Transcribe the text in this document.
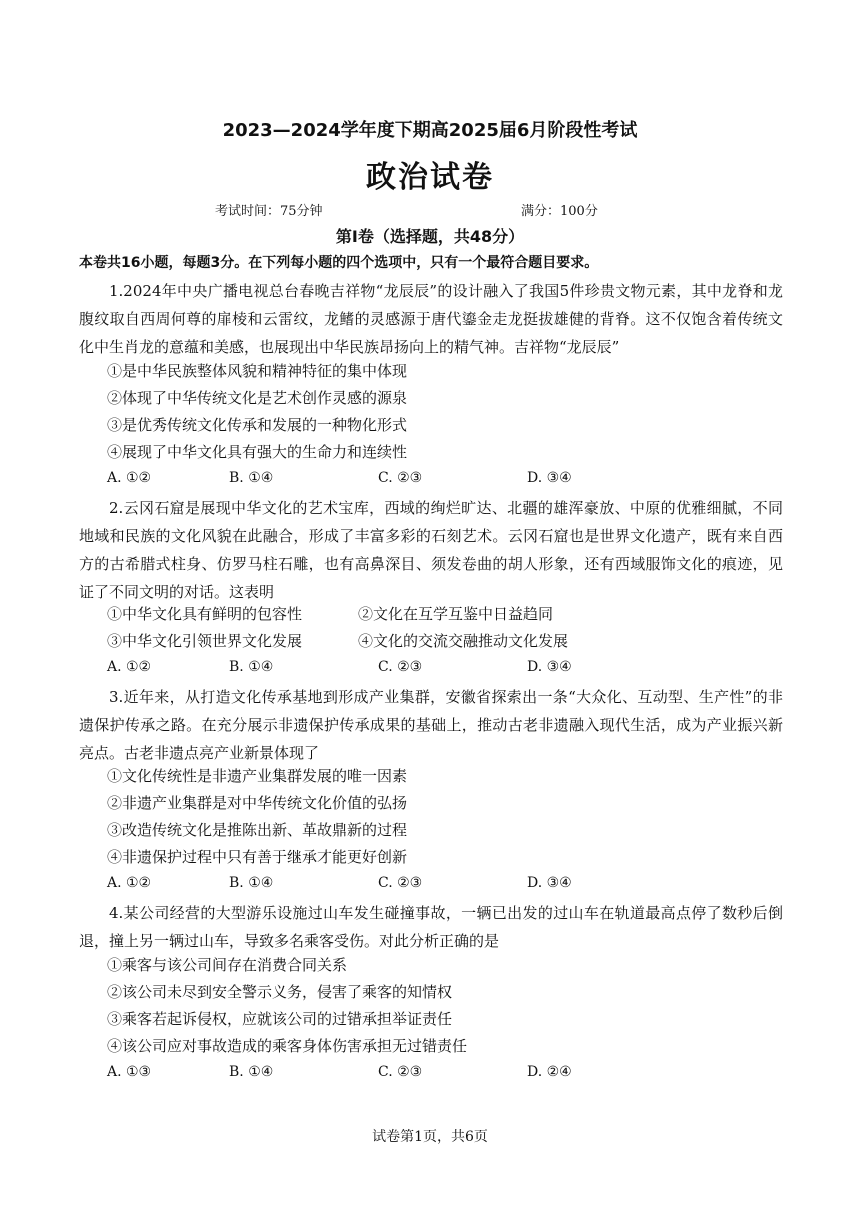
2023—2024学年度下期高2025届6月阶段性考试
政治试卷
考试时间：75分钟	满分：100分
第Ⅰ卷（选择题，共48分）
本卷共16小题，每题3分。在下列每小题的四个选项中，只有一个最符合题目要求。
1.2024年中央广播电视总台春晚吉祥物“龙辰辰”的设计融入了我国5件珍贵文物元素，其中龙脊和龙腹纹取自西周何尊的扉棱和云雷纹，龙鳍的灵感源于唐代鎏金走龙挺拔雄健的背脊。这不仅饱含着传统文化中生肖龙的意蕴和美感，也展现出中华民族昂扬向上的精气神。吉祥物“龙辰辰”
①是中华民族整体风貌和精神特征的集中体现
②体现了中华传统文化是艺术创作灵感的源泉
③是优秀传统文化传承和发展的一种物化形式
④展现了中华文化具有强大的生命力和连续性
A. ①②	B. ①④	C. ②③	D. ③④
2.云冈石窟是展现中华文化的艺术宝库，西域的绚烂旷达、北疆的雄浑豪放、中原的优雅细腻，不同地域和民族的文化风貌在此融合，形成了丰富多彩的石刻艺术。云冈石窟也是世界文化遗产，既有来自西方的古希腊式柱身、仿罗马柱石雕，也有高鼻深目、须发卷曲的胡人形象，还有西域服饰文化的痕迹，见证了不同文明的对话。这表明
①中华文化具有鲜明的包容性	②文化在互学互鉴中日益趋同
③中华文化引领世界文化发展	④文化的交流交融推动文化发展
A. ①②	B. ①④	C. ②③	D. ③④
3.近年来，从打造文化传承基地到形成产业集群，安徽省探索出一条“大众化、互动型、生产性”的非遗保护传承之路。在充分展示非遗保护传承成果的基础上，推动古老非遗融入现代生活，成为产业振兴新亮点。古老非遗点亮产业新景体现了
①文化传统性是非遗产业集群发展的唯一因素
②非遗产业集群是对中华传统文化价值的弘扬
③改造传统文化是推陈出新、革故鼎新的过程
④非遗保护过程中只有善于继承才能更好创新
A. ①②	B. ①④	C. ②③	D. ③④
4.某公司经营的大型游乐设施过山车发生碰撞事故，一辆已出发的过山车在轨道最高点停了数秒后倒退，撞上另一辆过山车，导致多名乘客受伤。对此分析正确的是
①乘客与该公司间存在消费合同关系
②该公司未尽到安全警示义务，侵害了乘客的知情权
③乘客若起诉侵权，应就该公司的过错承担举证责任
④该公司应对事故造成的乘客身体伤害承担无过错责任
A. ①③	B. ①④	C. ②③	D. ②④
试卷第1页，共6页
